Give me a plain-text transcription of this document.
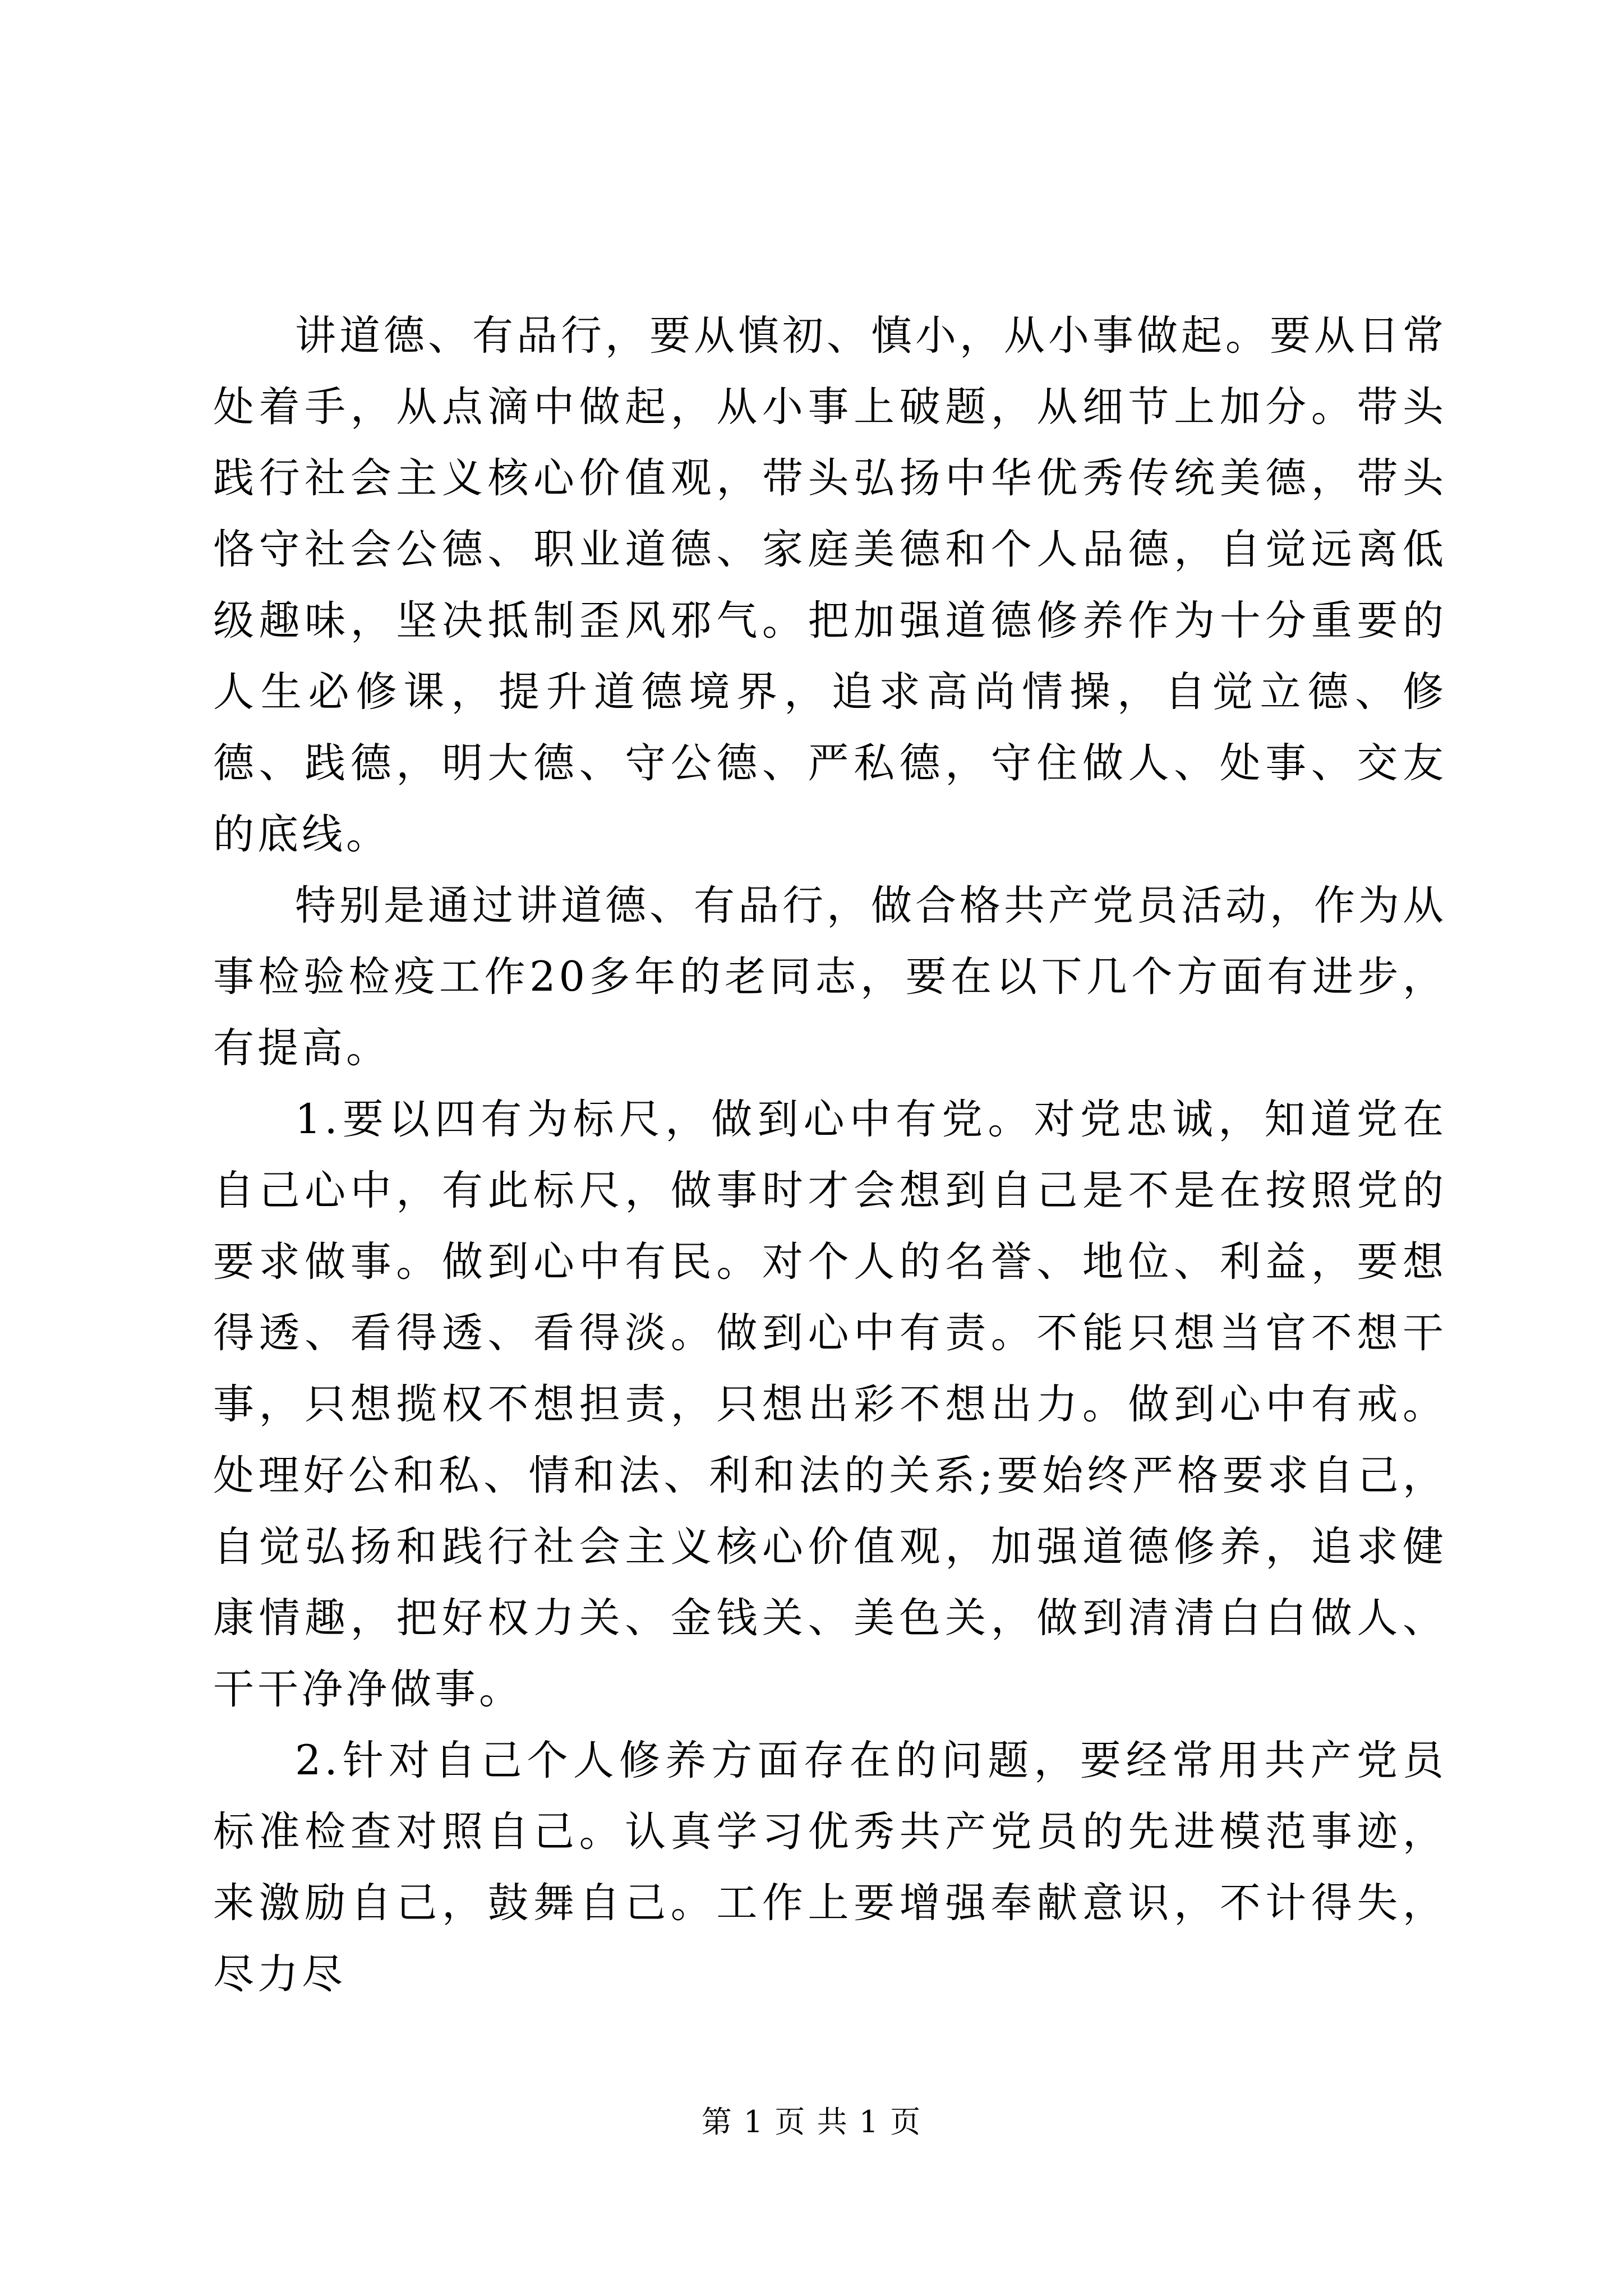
讲道德、有品行，要从慎初、慎小，从小事做起。要从日常处着手，从点滴中做起，从小事上破题，从细节上加分。带头践行社会主义核心价值观，带头弘扬中华优秀传统美德，带头恪守社会公德、职业道德、家庭美德和个人品德，自觉远离低级趣味，坚决抵制歪风邪气。把加强道德修养作为十分重要的人生必修课，提升道德境界，追求高尚情操，自觉立德、修德、践德，明大德、守公德、严私德，守住做人、处事、交友的底线。

特别是通过讲道德、有品行，做合格共产党员活动，作为从事检验检疫工作20多年的老同志，要在以下几个方面有进步，有提高。

1.要以四有为标尺，做到心中有党。对党忠诚，知道党在自己心中，有此标尺，做事时才会想到自己是不是在按照党的要求做事。做到心中有民。对个人的名誉、地位、利益，要想得透、看得透、看得淡。做到心中有责。不能只想当官不想干事，只想揽权不想担责，只想出彩不想出力。做到心中有戒。处理好公和私、情和法、利和法的关系;要始终严格要求自己，自觉弘扬和践行社会主义核心价值观，加强道德修养，追求健康情趣，把好权力关、金钱关、美色关，做到清清白白做人、干干净净做事。

2.针对自己个人修养方面存在的问题，要经常用共产党员标准检查对照自己。认真学习优秀共产党员的先进模范事迹，来激励自己，鼓舞自己。工作上要增强奉献意识，不计得失，尽力尽

第 1 页 共 1 页
